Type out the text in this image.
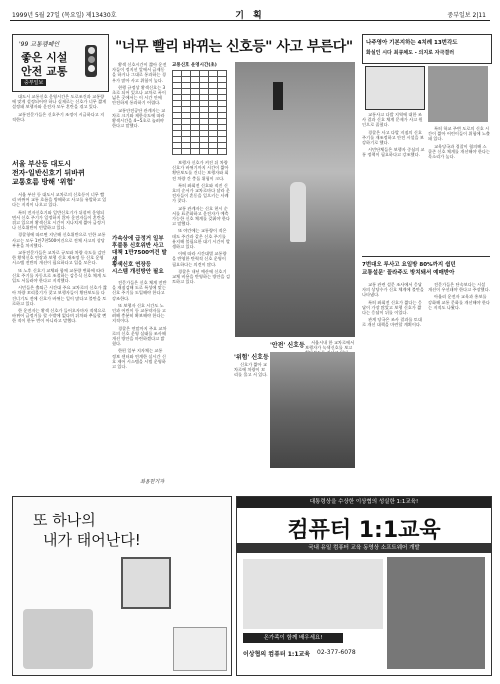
1999년 5월 27일 (목요일) 제13430호	기 획	중부일보 2|11
'99 교통캠페인
좋은 시설
안전 교통
중부일보
"너무 빨리 바뀌는 신호등" 사고 부른다"

대도시 교통신호 운영시간은 도로조건과 교통량에 맞게 설정되어야 하나 실제로는 신호가 너무 짧게 설정돼 보행자와 운전자 모두 혼란을 겪고 있다.

교통전문가들은 신호주기 조정이 시급하다고 지적한다.

서울 부산등 대도시
전자·일반신호기 뒤바뀌
교통호름 방해 '위험'

서울 부산 등 대도시 교차로의 신호등이 너무 빨리 바뀌어 교통 흐름을 방해하고 사고를 유발하고 있다는 지적이 나오고 있다.

특히 전자신호기와 일반신호기가 뒤섞여 운영되면서 신호 주기가 일정하지 않아 운전자들이 혼란을 겪고 있으며 황색신호 시간이 지나치게 짧아 급정거나 신호위반이 빈발하고 있다.

경찰청에 따르면 지난해 신호위반으로 인한 교통사고는 모두 1만7천500여건으로 전체 사고의 상당 부분을 차지했다.

교통전문가들은 교차로 규모와 차량 속도를 감안한 황색신호 연장과 보행 신호 재조정 등 신호 운영 시스템 전반의 개선이 필요하다고 입을 모은다.

또 노후 신호기 교체와 함께 교통량 변화에 따라 신호 주기를 자동으로 조절하는 감응식 신호 체계 도입도 서둘러야 한다고 지적했다.

시민들은 출퇴근 시간대 주요 교차로의 신호가 짧아 차량 꼬리물기가 잦고 보행자들이 횡단보도를 다 건너기도 전에 신호가 바뀌는 일이 많다고 불만을 토로하고 있다.

한 운전자는 황색 신호가 들어오자마자 적색으로 바뀌어 급정거를 할 수밖에 없다며 뒤차와 추돌할 뻔한 적이 한두 번이 아니라고 말했다.

황색 신호시간이 짧아 운전자들이 정지선 앞에서 급제동을 하거나 그대로 통과하는 경우가 많아 사고 위험이 높다.

현행 규정상 황색신호는 3초로 되어 있으나 교차로 폭이 넓은 곳에서는 이 시간 안에 안전하게 통과하기 어렵다.

교통안전공단 관계자는 교차로 크기와 제한속도에 따라 황색시간을 4~5초로 늘려야 한다고 말했다.

가속상에 급정거 일부
후불통 신호위반 사고
대책 1만7500여건 발생
황색신호 연장등
시스템 개선방안 필요

전문가들은 신호 체계 전반을 재점검해 도로 특성에 맞는 신호 주기를 도입해야 한다고 강조한다.

또 보행자 신호 시간도 노인과 어린이 등 교통약자를 고려해 충분히 확보해야 한다는 지적이다.

경찰은 연말까지 주요 교차로의 신호 운영 실태를 조사해 개선 방안을 마련하겠다고 밝혔다.

한편 일부 지자체는 교통 정보 센터와 연계한 실시간 신호 제어 시스템을 시범 운영하고 있다.

최용헌기자
교통신호 운영시간(초)

보행자 신호가 켜진 뒤 차량 신호가 바뀌기까지 시간이 짧아 횡단보도를 건너는 보행자와 회전 차량 간 충돌 위험이 크다.

특히 좌회전 신호와 직진 신호의 순서가 교차로마다 달라 운전자들이 혼동을 일으키는 사례가 잦다.

교통 관계자는 신호 현시 순서를 표준화하고 운전자가 예측 가능한 신호 체계를 갖춰야 한다고 말했다.

또 야간에는 교통량이 적은데도 주간과 같은 신호 주기를 유지해 불필요한 대기 시간이 발생하고 있다.

이에 따라 시간대별 교통량을 반영한 탄력적 신호 운영이 필요하다는 의견이 많다.

경찰은 내년 예산에 신호기 교체 비용을 반영하는 방안을 검토하고 있다.

'안전' 신호등	서울시내 한 교차로에서 보행자가 녹색신호를 보고

'위험' 신호등

신호가 짧아 교차로에 차량이 꼬리를 물고 서 있다.

나주영아 기본지하는 4치례 13번각도
화실인 시다 최큐체도 - 의지로 자극결러

교통사고 다발 지역에 대한 조사 결과 신호 체계 문제가 사고 원인으로 꼽혔다.

경찰은 사고 다발 지점의 신호 주기를 재조정하고 안전 시설을 보강하기로 했다.

시민단체들은 보행자 중심의 교통 정책이 필요하다고 강조했다.

특히 학교 주변 도로의 신호 시간이 짧아 어린이들이 위험에 노출돼 있다.

교육당국과 경찰이 협의해 스쿨존 신호 체계를 개선해야 한다는 목소리가 높다.

7번대오 루사고 요일방 80%까지 쉽던
교통설문' 꼴라주도 방치돼서 예매받아

교통 관련 설문 조사에서 응답자의 상당수가 신호 체계에 불만을 나타냈다.

특히 좌회전 신호가 짧다는 응답이 가장 많았고 보행 신호가 짧다는 응답이 뒤를 이었다.

관계 당국은 조사 결과를 토대로 개선 대책을 마련할 계획이다.

전문가들은 단속보다는 시설 개선이 우선돼야 한다고 주장했다.

아울러 운전자 교육과 홍보를 강화해 교통 문화를 개선해야 한다는 지적도 나왔다.

또 하나의
내가 태어난다!
대통령상을 수상한 이상협의 성실한 1:1교육!
컴퓨터 1:1교육
국내 유일 컴퓨터 교육 동영상 소프트웨어 개발
온가족이 함께 배우세요!
이상협의 컴퓨터 1:1교육 02-377-6078
